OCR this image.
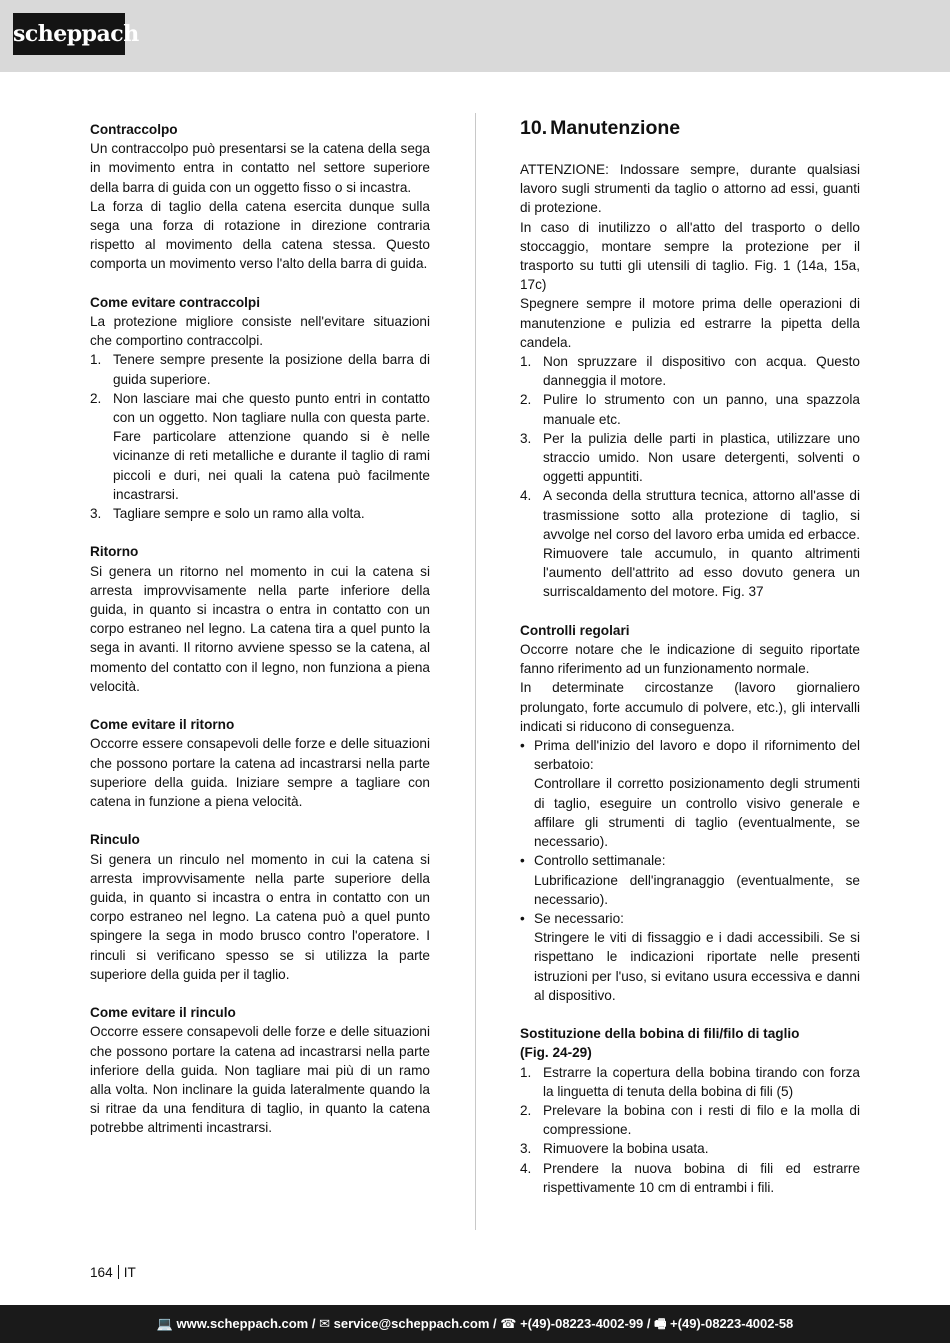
scheppach

Contraccolpo

Un contraccolpo può presentarsi se la catena della sega in movimento entra in contatto nel settore superiore della barra di guida con un oggetto fisso o si incastra.

La forza di taglio della catena esercita dunque sulla sega una forza di rotazione in direzione contraria rispetto al movimento della catena stessa. Questo comporta un movimento verso l'alto della barra di guida.

Come evitare contraccolpi

La protezione migliore consiste nell'evitare situazioni che comportino contraccolpi.

1. Tenere sempre presente la posizione della barra di guida superiore.
2. Non lasciare mai che questo punto entri in contatto con un oggetto. Non tagliare nulla con questa parte. Fare particolare attenzione quando si è nelle vicinanze di reti metalliche e durante il taglio di rami piccoli e duri, nei quali la catena può facilmente incastrarsi.
3. Tagliare sempre e solo un ramo alla volta.

Ritorno

Si genera un ritorno nel momento in cui la catena si arresta improvvisamente nella parte inferiore della guida, in quanto si incastra o entra in contatto con un corpo estraneo nel legno. La catena tira a quel punto la sega in avanti. Il ritorno avviene spesso se la catena, al momento del contatto con il legno, non funziona a piena velocità.

Come evitare il ritorno

Occorre essere consapevoli delle forze e delle situazioni che possono portare la catena ad incastrarsi nella parte superiore della guida. Iniziare sempre a tagliare con catena in funzione a piena velocità.

Rinculo

Si genera un rinculo nel momento in cui la catena si arresta improvvisamente nella parte superiore della guida, in quanto si incastra o entra in contatto con un corpo estraneo nel legno. La catena può a quel punto spingere la sega in modo brusco contro l'operatore. I rinculi si verificano spesso se si utilizza la parte superiore della guida per il taglio.

Come evitare il rinculo

Occorre essere consapevoli delle forze e delle situazioni che possono portare la catena ad incastrarsi nella parte inferiore della guida. Non tagliare mai più di un ramo alla volta. Non inclinare la guida lateralmente quando la si ritrae da una fenditura di taglio, in quanto la catena potrebbe altrimenti incastrarsi.

10. Manutenzione

ATTENZIONE: Indossare sempre, durante qualsiasi lavoro sugli strumenti da taglio o attorno ad essi, guanti di protezione.

In caso di inutilizzo o all'atto del trasporto o dello stoccaggio, montare sempre la protezione per il trasporto su tutti gli utensili di taglio. Fig. 1 (14a, 15a, 17c)

Spegnere sempre il motore prima delle operazioni di manutenzione e pulizia ed estrarre la pipetta della candela.

1. Non spruzzare il dispositivo con acqua. Questo danneggia il motore.
2. Pulire lo strumento con un panno, una spazzola manuale etc.
3. Per la pulizia delle parti in plastica, utilizzare uno straccio umido. Non usare detergenti, solventi o oggetti appuntiti.
4. A seconda della struttura tecnica, attorno all'asse di trasmissione sotto alla protezione di taglio, si avvolge nel corso del lavoro erba umida ed erbacce. Rimuovere tale accumulo, in quanto altrimenti l'aumento dell'attrito ad esso dovuto genera un surriscaldamento del motore. Fig. 37

Controlli regolari

Occorre notare che le indicazione di seguito riportate fanno riferimento ad un funzionamento normale.

In determinate circostanze (lavoro giornaliero prolungato, forte accumulo di polvere, etc.), gli intervalli indicati si riducono di conseguenza.

• Prima dell'inizio del lavoro e dopo il rifornimento del serbatoio:
Controllare il corretto posizionamento degli strumenti di taglio, eseguire un controllo visivo generale e affilare gli strumenti di taglio (eventualmente, se necessario).
• Controllo settimanale:
Lubrificazione dell'ingranaggio (eventualmente, se necessario).
• Se necessario:
Stringere le viti di fissaggio e i dadi accessibili. Se si rispettano le indicazioni riportate nelle presenti istruzioni per l'uso, si evitano usura eccessiva e danni al dispositivo.

Sostituzione della bobina di fili/filo di taglio

(Fig. 24-29)

1. Estrarre la copertura della bobina tirando con forza la linguetta di tenuta della bobina di fili (5)
2. Prelevare la bobina con i resti di filo e la molla di compressione.
3. Rimuovere la bobina usata.
4. Prendere la nuova bobina di fili ed estrarre rispettivamente 10 cm di entrambi i fili.
164 IT
💻 www.scheppach.com / ✉ service@scheppach.com / ☎ +(49)-08223-4002-99 / 🖷 +(49)-08223-4002-58
